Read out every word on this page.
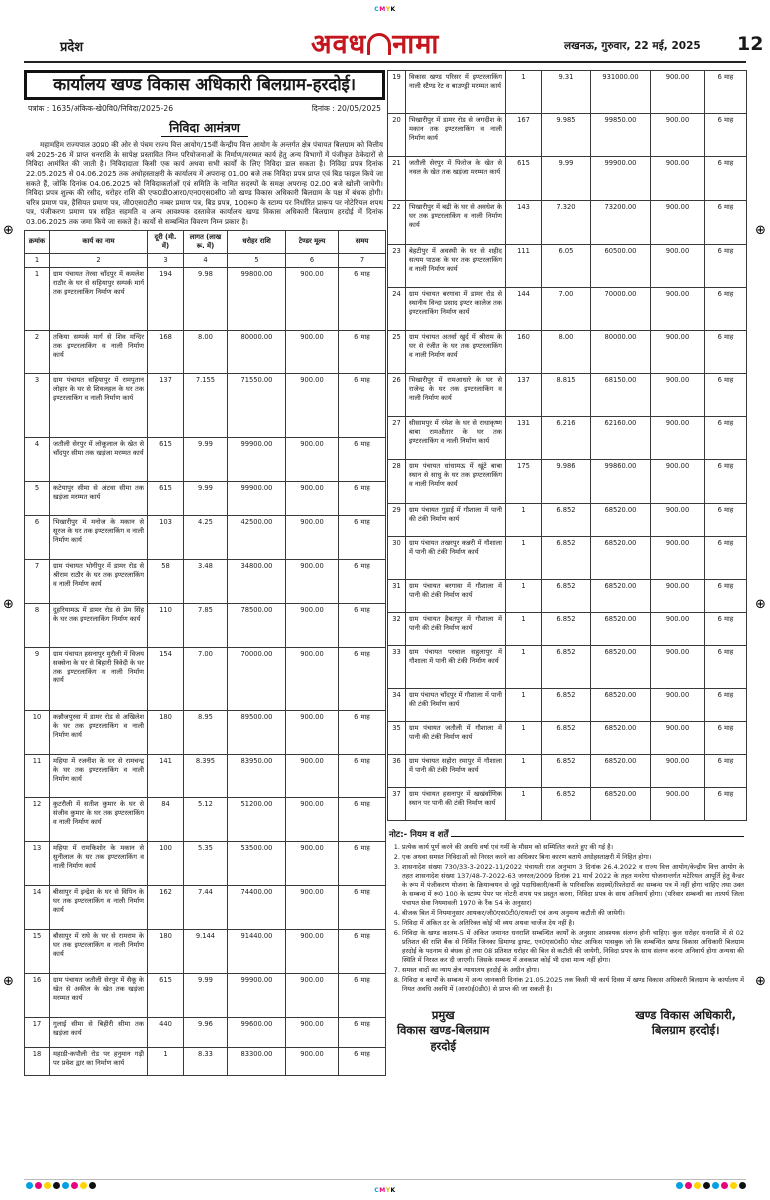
CMYK
⊕
⊕
⊕
⊕
⊕
⊕
प्रदेश	अवध नामा	लखनऊ, गुरुवार, 22 मई, 2025 12
कार्यालय खण्ड विकास अधिकारी बिलग्राम-हरदोई।
पत्रांक : 1635/अंकिक-खे0वि0/निविदा/2025-26	दिनांक : 20/05/2025
निविदा आमंत्रण

महामहिम राज्यपाल उ0प्र0 की ओर से पंचम राज्य वित्त आयोग/15वीं केन्द्रीय वित्त आयोग के अन्तर्गत क्षेत्र पंचायत बिलग्राम को वित्तीय वर्ष 2025-26 में प्राप्त धनराशि के सापेक्ष प्रस्तावित निम्न परियोजनाओं के निर्माण/मरम्मत कार्य हेतु अन्य विभागों में पंजीकृत ठेकेदारों से निविदा आमंत्रित की जाती है। निविदादाता किसी एक कार्य अथवा सभी कार्यों के लिए निविदा डाल सकता है। निविदा प्रपत्र दिनांक 22.05.2025 से 04.06.2025 तक अधोहस्ताक्षरी के कार्यालय में अपरान्ह 01.00 बजे तक निविदा प्रपत्र प्राप्त एवं बिड फाइल किये जा सकते हैं, जोकि दिनांक 04.06.2025 को निविदाकर्ताओं एवं समिति के नामित सदस्यों के समक्ष अपरान्ह 02.00 बजे खोली जायेगी। निविदा प्रपत्र शुल्क की रसीद, धरोहर राशि की एफ0डी0आर0/एन0एस0सी0 जो खण्ड विकास अधिकारी बिलग्राम के पक्ष में बंधक होगी। चरित्र प्रमाण पत्र, हैसियत प्रमाण पत्र, जी0एस0टी0 नम्बर प्रमाण पत्र, बिड प्रपत्र, 100रू0 के स्टाम्प पर निर्धारित प्रारूप पर नोटेरियल शपथ पत्र, पंजीकरण प्रमाण पत्र सहित सहमति व अन्य आवश्यक दस्तावेज कार्यालय खण्ड विकास अधिकारी बिलग्राम हरदोई में दिनांक 03.06.2025 तक जमा किये जा सकते है। कार्यो से सम्बन्धित विवरण निम्न प्रकार है।

क्रमांक	कार्य का नाम	दूरी (मी. में)	लागत (लाख रू. में)	धरोहर राशि	टेण्डर मूल्य	समय
1	2	3	4	5	6	7
1	ग्राम पंचायत तेरवा चाँदपुर में कमलेश राठौर के घर से सहियापुर सम्पर्क मार्ग तक इण्टरलाकिंग निर्माण कार्य	194	9.98	99800.00	900.00	6 माह
2	तकिया सम्पर्क मार्ग से शिव मन्दिर तक इण्टरलाकिंग व नाली निर्माण कार्य	168	8.00	80000.00	900.00	6 माह
3	ग्राम पंचायत सहियापुर में रामपुतान लोहार के घर से शिवलहल के घर तक इण्टरलाकिंग व नाली निर्माण कार्य	137	7.155	71550.00	900.00	6 माह
4	जतौली सेरपुर में लोकूलाल के खेत से चाँदपुर सीमा तक खड़ंजा मरम्मत कार्य	615	9.99	99900.00	900.00	6 माह
5	कटेयापुर सीमा से अंटवा सीमा तक खड़ंजा मरम्मत कार्य	615	9.99	99900.00	900.00	6 माह
6	भिखारीपुर में मनोज के मकान से सूरज के घर तक इण्टरलाकिंग व नाली निर्माण कार्य	103	4.25	42500.00	900.00	6 माह
7	ग्राम पंचायत भोगीपुर में डामर रोड से श्रीराम राठौर के घर तक इण्टरलाकिंग व नाली निर्माण कार्य	58	3.48	34800.00	900.00	6 माह
8	दुहरियामऊ में डामर रोड से प्रेम सिंह के घर तक इण्टरलाकिंग निर्माण कार्य	110	7.85	78500.00	900.00	6 माह
9	ग्राम पंचायत हसनापुर मुरौली में विजय सक्सेना के घर से बिहारी त्रिवेदी के घर तक इण्टरलाकिंग व नाली निर्माण कार्य	154	7.00	70000.00	900.00	6 माह
10	कन्नौजपुरवा में डामर रोड से अखिलेश के घर तक इण्टरलाकिंग व नाली निर्माण कार्य	180	8.95	89500.00	900.00	6 माह
11	महिया में रजनीश के घर से रामचन्द्र के घर तक इण्टरलाकिंग व नाली निर्माण कार्य	141	8.395	83950.00	900.00	6 माह
12	कुटरौली में सतीश कुमार के घर से संजीव कुमार के घर तक इण्टरलाकिंग व नाली निर्माण कार्य	84	5.12	51200.00	900.00	6 माह
13	महिया में रामकिशोर के मकान से सुनीलाल के घर तक इण्टरलाकिंग व नाली निर्माण कार्य	100	5.35	53500.00	900.00	6 माह
14	बीसापुर में इन्द्रेश के घर से विपिन के घर तक इण्टरलाकिंग व नाली निर्माण कार्य	162	7.44	74400.00	900.00	6 माह
15	बौसापुर में राघे के घर से रामराम के घर तक इण्टरलाकिंग व नाली निर्माण कार्य	180	9.144	91440.00	900.00	6 माह
16	ग्राम पंचायत जतौली सेरपुर में सैकू के खेत से अकील के खेत तक खड़ंजा मरम्मत कार्य	615	9.99	99900.00	900.00	6 माह
17	गुलाई सीमा से बिहीरी सीमा तक खड़ंजा कार्य	440	9.96	99600.00	900.00	6 माह
18	महाडी-कपौली रोड पर हनुमान गढ़ी पर प्रवेश द्वार का निर्माण कार्य	1	8.33	83300.00	900.00	6 माह
19	विकास खण्ड परिसर में इण्टरलाकिंग नाली स्टैण्ड रेट व बाउण्ड्री मरम्मत कार्य	1	9.31	931000.00	900.00	6 माह
20	भिखारीपुर में डामर रोड से जगदीश के मकान तक इण्टरलाकिंग व नाली निर्माण कार्य	167	9.985	99850.00	900.00	6 माह
21	जतौली सेरपुर में फिरोज के खेत से नवल के खेत तक खड़ंजा मरम्मत कार्य	615	9.99	99900.00	900.00	6 माह
22	भिखारीपुर में बद्री के घर से अवधेश के घर तक इण्टरलाकिंग व नाली निर्माण कार्य	143	7.320	73200.00	900.00	6 माह
23	बेहटीपुर में अवस्थी के घर से शहीद सत्यम पाठक के घर तक इण्टरलाकिंग व नाली निर्माण कार्य	111	6.05	60500.00	900.00	6 माह
24	ग्राम पंचायत बरगावा में डामर रोड से स्थानीय विन्दा प्रसाद इण्टर कालेज तक इण्टरलाकिंग निर्माण कार्य	144	7.00	70000.00	900.00	6 माह
25	ग्राम पंचायत अतर्वा खुर्द में श्रीराम के घर से रंजीत के घर तक इण्टरलाकिंग व नाली निर्माण कार्य	160	8.00	80000.00	900.00	6 माह
26	भिखारीपुर में रामआधारे के घर से राजेन्द्र के घर तक इण्टरलाकिंग व नाली निर्माण कार्य	137	8.815	68150.00	900.00	6 माह
27	सीसामपुर में रमेश के घर से राधाकृष्ण बाबा रामऔतार के घर तक इण्टरलाकिंग व नाली निर्माण कार्य	131	6.216	62160.00	900.00	6 माह
28	ग्राम पंचायत धांधामऊ में खूंटे बाबा स्थान से साधु के घर तक इण्टरलाकिंग व नाली निर्माण कार्य	175	9.986	99860.00	900.00	6 माह
29	ग्राम पंचायत गुड़ाई में गौशाला में पानी की टंकी निर्माण कार्य	1	6.852	68520.00	900.00	6 माह
30	ग्राम पंचायत तखरपुर कन्नरी में गौशाला में पानी की टंकी निर्माण कार्य	1	6.852	68520.00	900.00	6 माह
31	ग्राम पंचायत बरगावा में गौशाला में पानी की टंकी निर्माण कार्य	1	6.852	68520.00	900.00	6 माह
32	ग्राम पंचायत हैबतपुर में गौशाला में पानी की टंकी निर्माण कार्य	1	6.852	68520.00	900.00	6 माह
33	ग्राम पंचायत परचाल सहुलापुर में गौशाला में पानी की टंकी निर्माण कार्य	1	6.852	68520.00	900.00	6 माह
34	ग्राम पंचायत चाँदपुर में गौशाला में पानी की टंकी निर्माण कार्य	1	6.852	68520.00	900.00	6 माह
35	ग्राम पंचायत जतौली में गौशाला में पानी की टंकी निर्माण कार्य	1	6.852	68520.00	900.00	6 माह
36	ग्राम पंचायत सहोरा रमापुर में गौशाला में पानी की टंकी निर्माण कार्य	1	6.852	68520.00	900.00	6 माह
37	ग्राम पंचायत हसनापुर में खखंर्वाणिक स्थान पर पानी की टंकी निर्माण कार्य	1	6.852	68520.00	900.00	6 माह
नोट:- नियम व शर्तें
1. प्रत्येक कार्य पूर्ण करने की अवधि वर्षा एवं गर्मी के मौसम को सम्मिलित करते हुए की गई है।
2. एक अथवा समस्त निविदाओं को निरस्त करने का अधिकार बिना कारण बताये अधोहस्ताक्षरी में निहित होगा।
3. शासनादेश संख्या 730/33-3-2022-11/2022 पंचायती राज अनुभाग 3 दिनांक 26.4.2022 व राज्य वित्त आयोग/केन्द्रीय वित्त आयोग के तहत शासनादेश संख्या 137/48-7-2022-63 जनरल/2009 दिनांक 21 मार्च 2022 के तहत मनरेगा योजनान्तर्गत मटेरियल आपूर्ति हेतु वैन्डर के रूप में पंजीकरण योजना के क्रियान्वयन से जुड़े पदाधिकारी/कर्मी के पारिवारिक सदस्यों/रिश्तेदारों का सम्बन्ध पत्र में नहीं होगा चाहिए तथा उक्त के सम्बन्ध में रू0 100 के स्टाम्प पेपर पर नोटरी शपथ पत्र प्रस्तुत करना, निविदा प्रपत्र के साथ अनिवार्य होगा। (परिवार सम्बन्धी का तात्पर्य जिला पंचायत सेवा नियमावली 1970 के रैंक 54 के अनुसार)
4. बीजक बिल में नियमानुसार आयकर/जी0एस0टी0/रायल्टी एवं अन्य अनुमन्य कटौती की जायेगी।
5. निविदा में अंकित दर के अतिरिक्त कोई भी व्यय अथवा चार्जेज देय नहीं है।
6. निविदा के खण्ड कालम-5 में अंकित जमानत धनराशि सम्बन्धित कार्यों के अनुसार आवश्यक संलग्न होनी चाहिए। कुल धरोहर धनराशि में से 02 प्रतिशत की राशि बैंक से निर्मित जिनका डिमाण्ड ड्राफ्ट, एन0एस0सी0 पोस्ट आफिस पासबुक जो कि सम्बन्धित खण्ड विकास अधिकारी बिलग्राम हरदोई के पदनाम से बंधक हो तथा 08 प्रतिशत धरोहर की बिल से कटौती की जायेगी, निविदा प्रपत्र के साथ संलग्न करना अनिवार्य होगा अन्यथा की स्थिति में निरस्त कर दी जाएगी। जिसके सम्बन्ध में अवकाश कोई भी दावा मान्य नहीं होगा।
7. समस्त वादों का न्याय क्षेत्र न्यायालय हरदोई के अधीन होगा।
8. निविदा व कार्यों के सम्बन्ध में अन्य जानकारी दिनांक 21.05.2025 तक किसी भी कार्य दिवस में खण्ड विकास अधिकारी बिलग्राम के कार्यालय में नियत अवधि अवधि में (आर0ई0डी0) से प्राप्त की जा सकती है।
प्रमुख
विकास खण्ड-बिलग्राम
हरदोई
खण्ड विकास अधिकारी,
बिलग्राम हरदोई।
CMYK
